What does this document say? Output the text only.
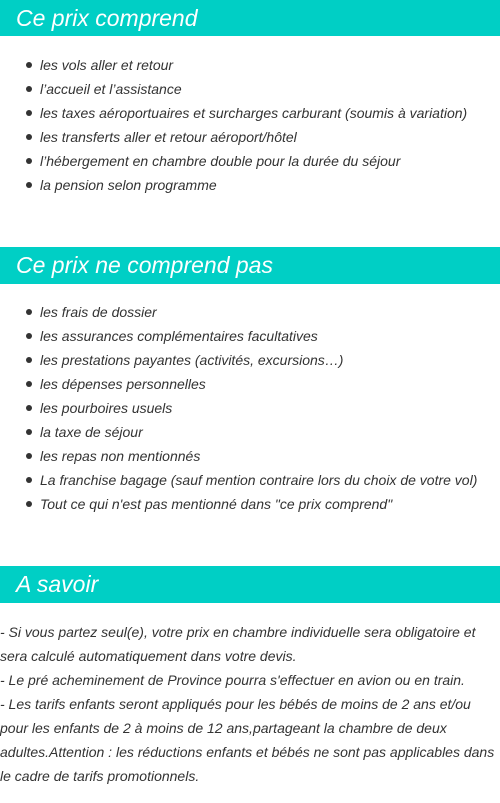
Ce prix comprend
les vols aller et retour
l’accueil et l’assistance
les taxes aéroportuaires et surcharges carburant (soumis à variation)
les transferts aller et retour aéroport/hôtel
l’hébergement en chambre double pour la durée du séjour
la pension selon programme
Ce prix ne comprend pas
les frais de dossier
les assurances complémentaires facultatives
les prestations payantes (activités, excursions…)
les dépenses personnelles
les pourboires usuels
la taxe de séjour
les repas non mentionnés
La franchise bagage (sauf mention contraire lors du choix de votre vol)
Tout ce qui n'est pas mentionné dans "ce prix comprend"
A savoir

- Si vous partez seul(e), votre prix en chambre individuelle sera obligatoire et sera calculé automatiquement dans votre devis.

- Le pré acheminement de Province pourra s'effectuer en avion ou en train.

- Les tarifs enfants seront appliqués pour les bébés de moins de 2 ans et/ou pour les enfants de 2 à moins de 12 ans,partageant la chambre de deux adultes.Attention : les réductions enfants et bébés ne sont pas applicables dans le cadre de tarifs promotionnels.
